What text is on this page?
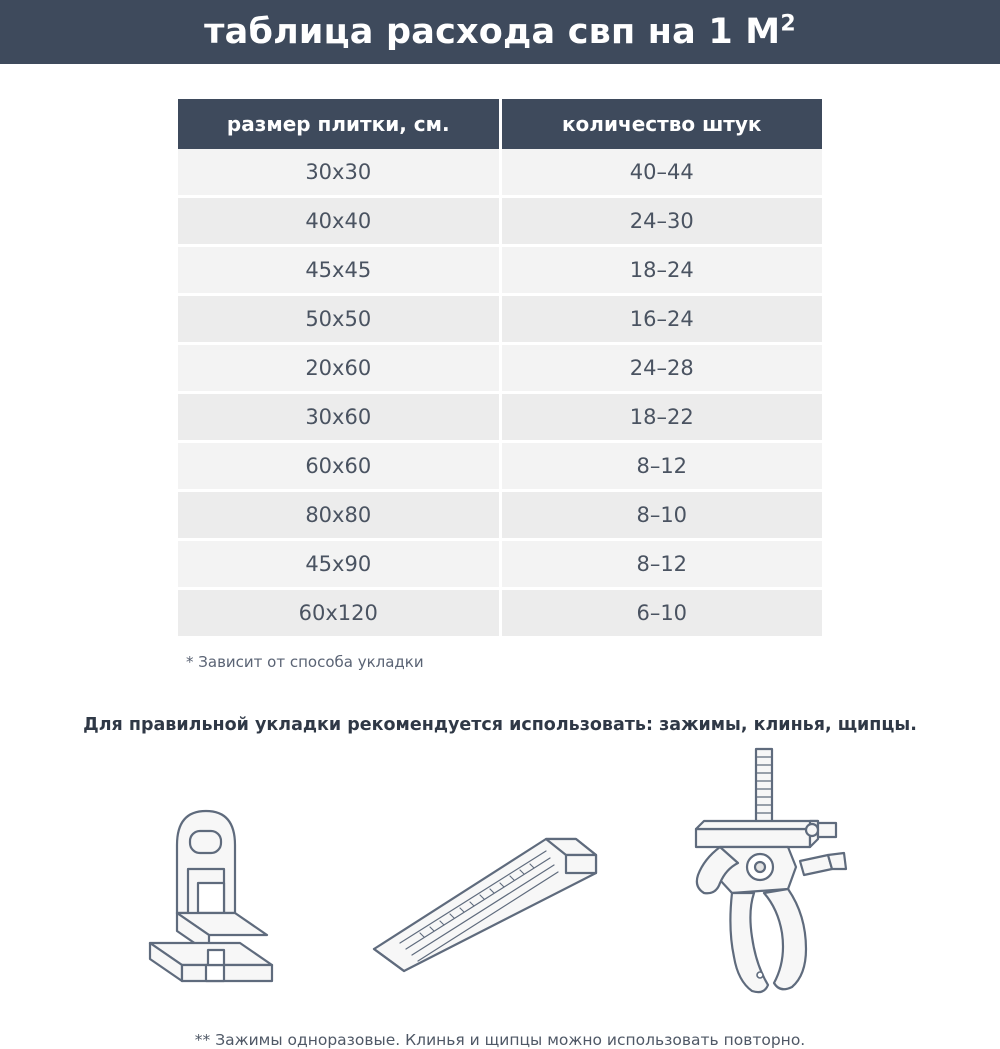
таблица расхода свп на 1 $М^2$
размер плитки, см.	количество штук
30х30	40–44
40х40	24–30
45х45	18–24
50х50	16–24
20х60	24–28
30х60	18–22
60х60	8–12
80х80	8–10
45х90	8–12
60х120	6–10
* Зависит от способа укладки
Для правильной укладки рекомендуется использовать: зажимы, клинья, щипцы.
** Зажимы одноразовые. Клинья и щипцы можно использовать повторно.
